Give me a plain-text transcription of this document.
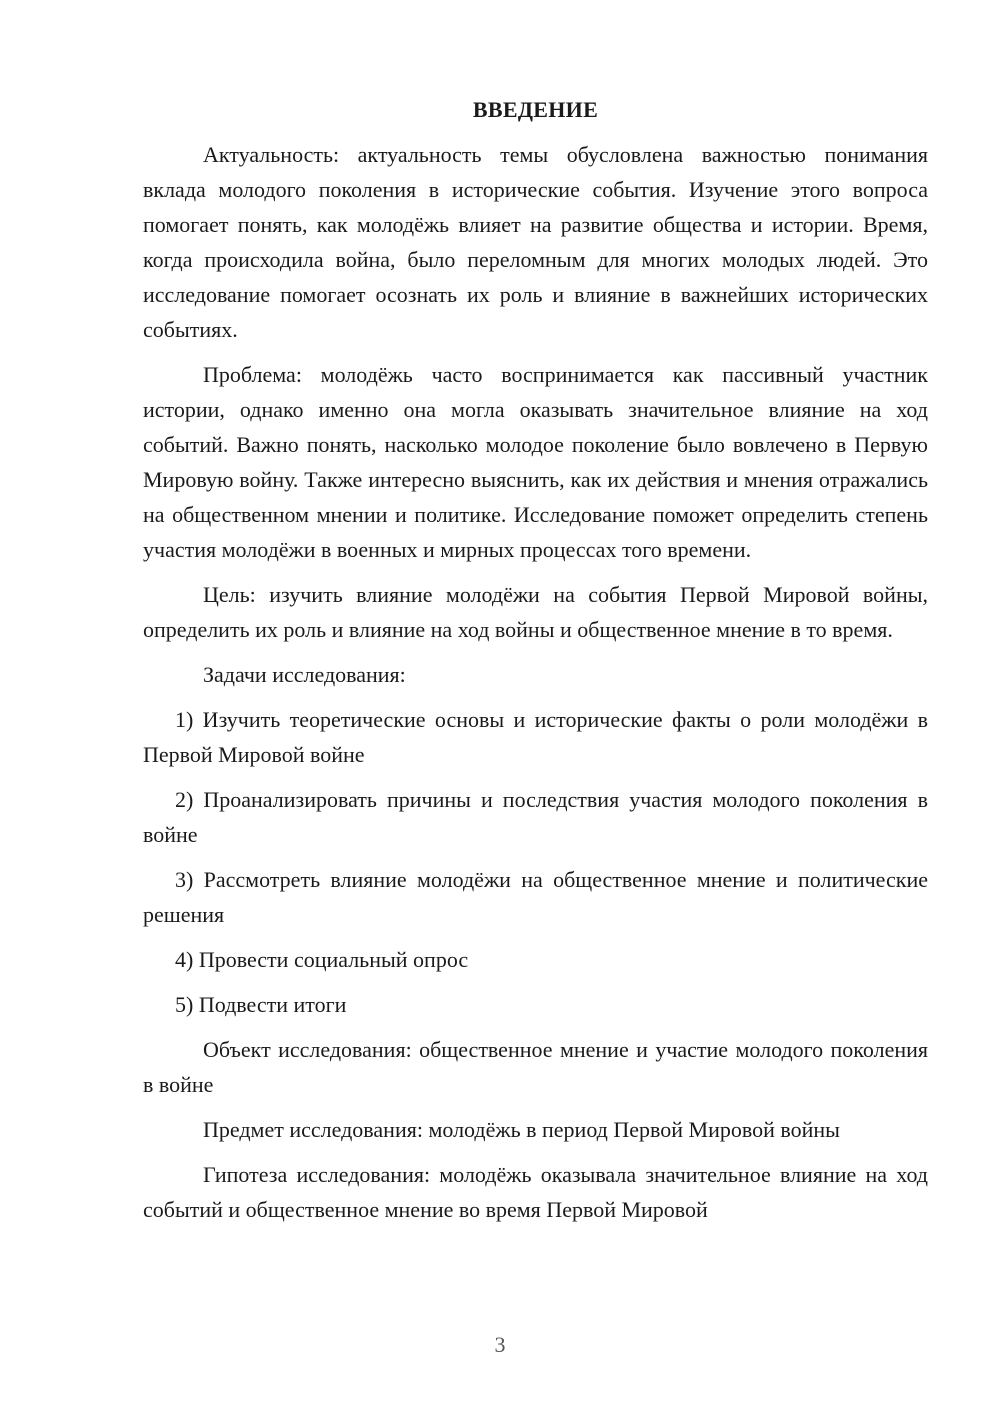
ВВЕДЕНИЕ

Актуальность: актуальность темы обусловлена важностью понимания вклада молодого поколения в исторические события. Изучение этого вопроса помогает понять, как молодёжь влияет на развитие общества и истории. Время, когда происходила война, было переломным для многих молодых людей. Это исследование помогает осознать их роль и влияние в важнейших исторических событиях.

Проблема: молодёжь часто воспринимается как пассивный участник истории, однако именно она могла оказывать значительное влияние на ход событий. Важно понять, насколько молодое поколение было вовлечено в Первую Мировую войну. Также интересно выяснить, как их действия и мнения отражались на общественном мнении и политике. Исследование поможет определить степень участия молодёжи в военных и мирных процессах того времени.

Цель: изучить влияние молодёжи на события Первой Мировой войны, определить их роль и влияние на ход войны и общественное мнение в то время.

Задачи исследования:

1) Изучить теоретические основы и исторические факты о роли молодёжи в Первой Мировой войне

2) Проанализировать причины и последствия участия молодого поколения в войне

3) Рассмотреть влияние молодёжи на общественное мнение и политические решения

4) Провести социальный опрос

5) Подвести итоги

Объект исследования: общественное мнение и участие молодого поколения в войне

Предмет исследования: молодёжь в период Первой Мировой войны

Гипотеза исследования: молодёжь оказывала значительное влияние на ход событий и общественное мнение во время Первой Мировой

3
